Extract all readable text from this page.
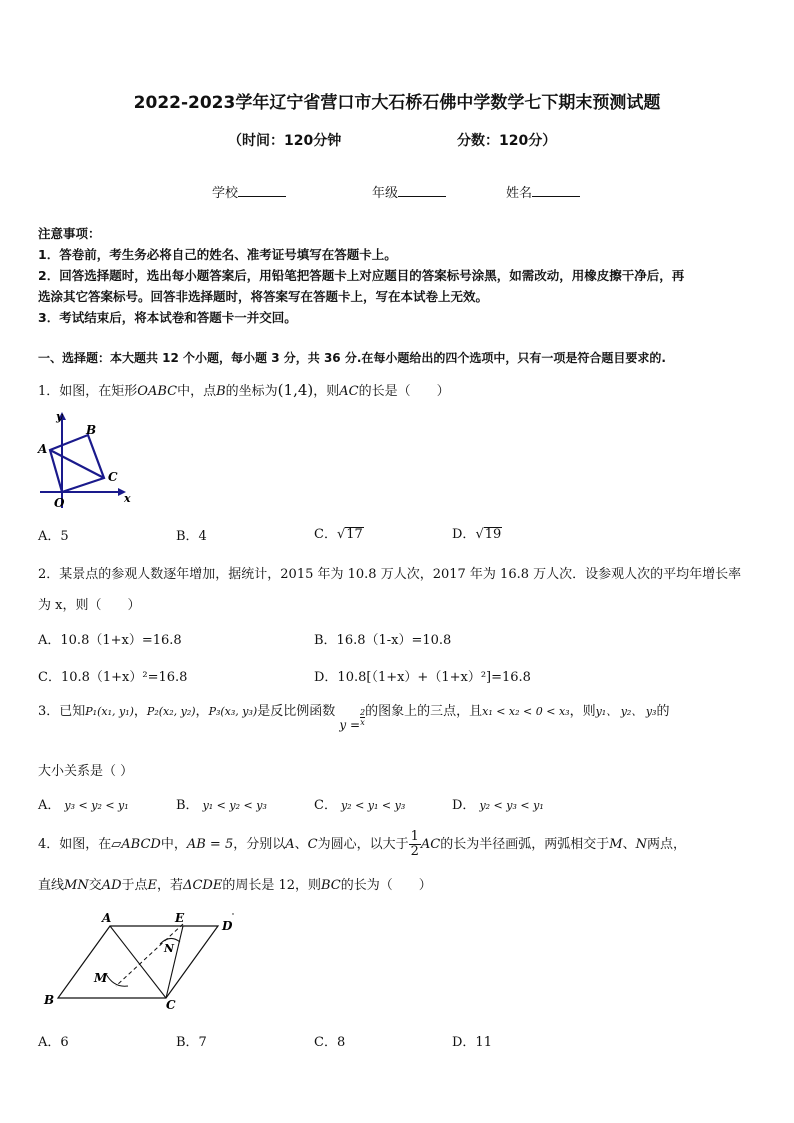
2022-2023学年辽宁省营口市大石桥石佛中学数学七下期末预测试题
（时间：120分钟	分数：120分）
学校	年级	姓名
注意事项：
1．答卷前，考生务必将自己的姓名、准考证号填写在答题卡上。
2．回答选择题时，选出每小题答案后，用铅笔把答题卡上对应题目的答案标号涂黑，如需改动，用橡皮擦干净后，再
选涂其它答案标号。回答非选择题时，将答案写在答题卡上，写在本试卷上无效。
3．考试结束后，将本试卷和答题卡一并交回。
一、选择题：本大题共 12 个小题，每小题 3 分，共 36 分.在每小题给出的四个选项中，只有一项是符合题目要求的.
1．如图，在矩形OABC中，点B的坐标为(1,4)，则AC的长是（　　）
y
x
A
B
C
O
A．5	B．4	C．√17	D．√19
2．某景点的参观人数逐年增加，据统计，2015 年为 10.8 万人次，2017 年为 16.8 万人次．设参观人次的平均年增长率
为 x，则（　　）
A．10.8（1+x）=16.8	B．16.8（1-x）=10.8
C．10.8（1+x）²=16.8	D．10.8[（1+x）+（1+x）²]=16.8
3．已知P₁(x₁, y₁)，P₂(x₂, y₂)，P₃(x₃, y₃)是反比例函数 $y = \frac{2}{x}$ 的图象上的三点，且x₁ < x₂ < 0 < x₃，则y₁、 y₂、 y₃的
大小关系是（ ）
A． y₃ < y₂ < y₁	B． y₁ < y₂ < y₃	C． y₂ < y₁ < y₃	D． y₂ < y₃ < y₁
4．如图，在▱ABCD中，AB = 5，分别以A、C为圆心，以大于 $\frac{1}{2}$ AC的长为半径画弧，两弧相交于M、N两点，
直线MN交AD于点E，若ΔCDE的周长是 12，则BC的长为（　　）
A	E
D
N
M
B	C
A．6	B．7	C．8	D．11
